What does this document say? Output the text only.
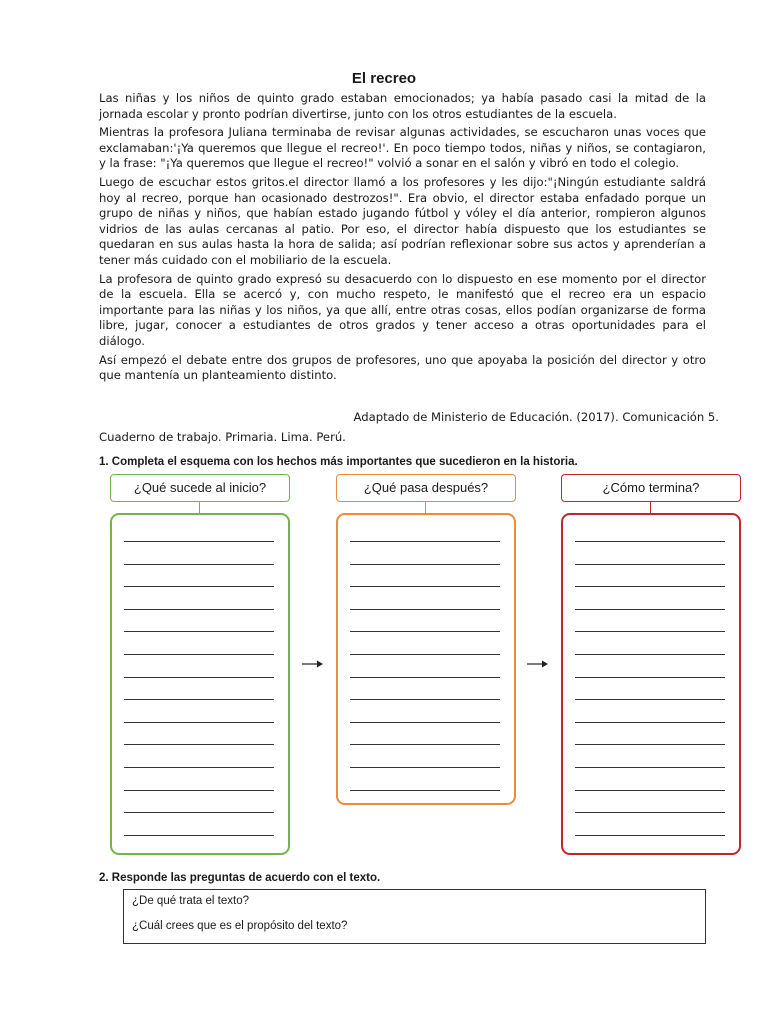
El recreo

Las niñas y los niños de quinto grado estaban emocionados; ya había pasado casi la mitad de la jornada escolar y pronto podrían divertirse, junto con los otros estudiantes de la escuela.

Mientras la profesora Juliana terminaba de revisar algunas actividades, se escucharon unas voces que exclamaban:'¡Ya queremos que llegue el recreo!'. En poco tiempo todos, niñas y niños, se contagiaron, y la frase: "¡Ya queremos que llegue el recreo!" volvió a sonar en el salón y vibró en todo el colegio.

Luego de escuchar estos gritos.el director llamó a los profesores y les dijo:"¡Ningún estudiante saldrá hoy al recreo, porque han ocasionado destrozos!". Era obvio, el director estaba enfadado porque un grupo de niñas y niños, que habían estado jugando fútbol y vóley el día anterior, rompieron algunos vidrios de las aulas cercanas al patio. Por eso, el director había dispuesto que los estudiantes se quedaran en sus aulas hasta la hora de salida; así podrían reflexionar sobre sus actos y aprenderían a tener más cuidado con el mobiliario de la escuela.

La profesora de quinto grado expresó su desacuerdo con lo dispuesto en ese momento por el director de la escuela. Ella se acercó y, con mucho respeto, le manifestó que el recreo era un espacio importante para las niñas y los niños, ya que allí, entre otras cosas, ellos podían organizarse de forma libre, jugar, conocer a estudiantes de otros grados y tener acceso a otras oportunidades para el diálogo.

Así empezó el debate entre dos grupos de profesores, uno que apoyaba la posición del director y otro que mantenía un planteamiento distinto.

Adaptado de Ministerio de Educación. (2017). Comunicación 5.
Cuaderno de trabajo. Primaria. Lima. Perú.
1. Completa el esquema con los hechos más importantes que sucedieron en la historia.
¿Qué sucede al inicio?	¿Qué pasa después?	¿Cómo termina?
2. Responde las preguntas de acuerdo con el texto.
¿De qué trata el texto?
¿Cuál crees que es el propósito del texto?
